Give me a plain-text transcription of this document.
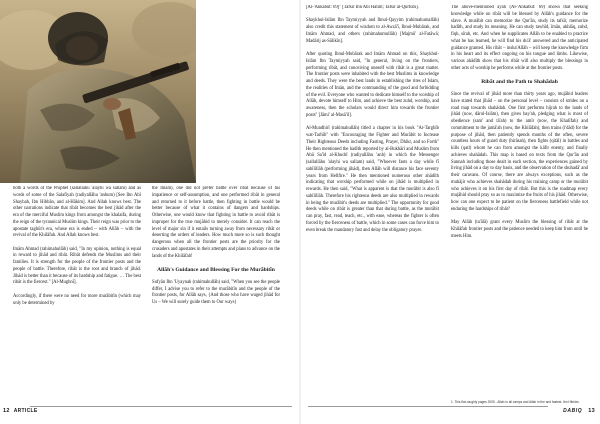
both a words of the Prophet (sallallāhu 'alayhi wa sallam) and as words of some of the Salafiyah (radiyallāhu 'anhum) [See Ibn Abī Shaybah, Ibn Hibbān, and al-Hākim]. And Allah knows best. The other narrations indicate that ribāt becomes the best jihād after the era of the merciful Muslim kings from amongst the khalaifa, during the reign of the tyrannical Muslim kings. Their reign was prior to the apostate taghūt's era, whose era is ended – with Allāh – with the revival of the Khilāfah. And Allah knows best.

Imām Ahmad (rahimahullāh) said, "In my opinion, nothing is equal in reward to jihād and ribāt. Ribāt defends the Muslims and their families. It is strength for the people of the frontier posts and the people of battle. Therefore, ribāt is the root and branch of jihād. Jihād is better than it because of its hardship and fatigue. … The best ribāt is the fiercest." [Al-Mughnī].

Accordingly, if there were no need for more murābitīn (which may only be determined by

the Imām), one did not prefer battle over ribāt because of his impatience or self-assumption, and one performed ribāt in general and returned to it before battle, then fighting in battle would be better because of what it contains of dangers and hardships. Otherwise, one would know that fighting in battle to avoid ribāt is improper for the true mujāhid to merely consider. It can reach the level of major sin if it entails turning away from necessary ribāt or deserting the orders of leaders. How much more so is such thought dangerous when all the frontier posts are the priority for the crusaders and apostates in their attempts and plans to advance on the lands of the Khilāfah!

Allāh's Guidance and Blessing For the Murābitīn

Sufyān Ibn 'Uyaynah (rahimahullāh) said, "When you see the people differ, I advise you to refer to the murābitīn and the people of the frontier posts, for Allāh says, {And those who have waged jihād for Us – We will surely guide them to Our ways}

[Al-'Ankabūt: 69]" [Tafsīr Ibn Abī Hātim; Tafsīr al-Qurtubī].

Shaykhul-Islām Ibn Taymiyyah and Ibnul-Qayyim (rahimahumallāh) also credit this statement of wisdom to al-Awzā'ī, Ibnul-Mubārak, and Imām Ahmad, and others (rahimahumullāh) [Majmū' al-Fatāwā; Madārij as-Sālikīn].

After quoting Ibnul-Mubārak and Imām Ahmad on this, Shaykhul-Islām Ibn Taymiyyah said, "In general, living on the frontiers, performing ribāt, and conceiving oneself with ribāt is a great matter. The frontier posts were inhabited with the best Muslims in knowledge and deeds. They were the best lands in establishing the rites of Islam, the realities of Imān, and the commanding of the good and forbidding of the evil. Everyone who wanted to dedicate himself to the worship of Allāh, devote himself to Him, and achieve the best zuhd, worship, and awareness, then the scholars would direct him towards the frontier posts" [Jāmi' al-Masā'il].

Al-Mundhirī (rahimahullāh) titled a chapter in his book "At-Targhīb wat-Tarhīb" with "Encouraging the Fighter and Murābit to Increase Their Righteous Deeds including Fasting, Prayer, Dhikr, and so Forth" He then mentioned the hadīth reported by al-Bukhārī and Muslim from Abū Sa'īd al-Khudrī (radiyallāhu 'anh) in which the Messenger (sallallāhu 'alayhi wa sallam) said, "Whoever fasts a day while fī sabīlillāh (performing jihād), then Allāh will distance his face seventy years from Hellfire." He then mentioned numerous other ahādīth indicating that worship performed while on jihād is multiplied in rewards. He then said, "What is apparent is that the murābit is also fī sabīlillāh. Therefore his righteous deeds are also multiplied in rewards in being the murābit's deeds are multiplied." The opportunity for good deeds while on ribāt is greater than that during battle, as the murābit can pray, fast, read, teach, etc., with ease, whereas the fighter is often forced by the fierceness of battle, which in some cases can force him to even break the mandatory fast and delay the obligatory prayer.

The above-mentioned āyah (Al-'Ankabūt: 69) shows that seeking knowledge while on ribāt will be blessed by Allāh's guidance for the slave. A murābit can memorize the Qur'ān, study its tafsīr, memorize hadīth, and study its meaning. He can study tawhīd, īmān, akhlāq, zuhd, fiqh, sīrah, etc. And when he supplicates Allāh to be enabled to practice what he has learned, he will find his du'ā' answered and the anticipated guidance granted. His ribāt – insha'Allāh – will keep the knowledge firm in his heart and its effect ongoing on his tongue and limbs. Likewise, various ahādīth show that his ribāt will also multiply the blessings in other acts of worship he performs while at the frontier posts.

Ribāt and the Path to Shahādah

Since the revival of jihād more than thirty years ago, mujāhid leaders have stated that jihād – on the personal level – consists of strides on a road map towards shahādah. One first performs hijrah to the lands of jihād (now, dārul-Islām), then gives bay'ah, pledging what is most of obedience (sam' and tā'ah) to the amīr (now, the Khalīfah) and commitment to the jamā'ah (now, the Khilāfah), then trains (i'dād) for the purpose of jihād, then patiently spends months of the often, severe countless hours of guard duty (hirāsah), then fights (qitāl) in battles and kills (qatl) whom he can from amongst the kāfir enemy, and finally achieves shahādah. This map is based on texts from the Qur'ān and Sunnah including those dealt in each section, the experiences gained by living jihād on a day to day basis, and the observation of the shuhadā' and their caravans. Of course, there are always exceptions, such as the muhājir who achieves shahādah during his training camp or the murābit who achieves it on his first day of ribāt. But this is the roadmap every mujāhid should pray so as to maximize the fruits of his jihād. Otherwise, how can one expect to be patient on the fierceness battlefield while not enduring the hardships of ribāt?

May Allāh (ta'ālā) grant every Muslim the blessing of ribāt at the Khilāfah frontier posts and the patience needed to keep him from until he meets Him.

1. This flat-roughly pages 2005 - Allah in all camps and Allah in the and fastest. Ibn Hibbān.
12 ARTICLE	DABIQ 13
